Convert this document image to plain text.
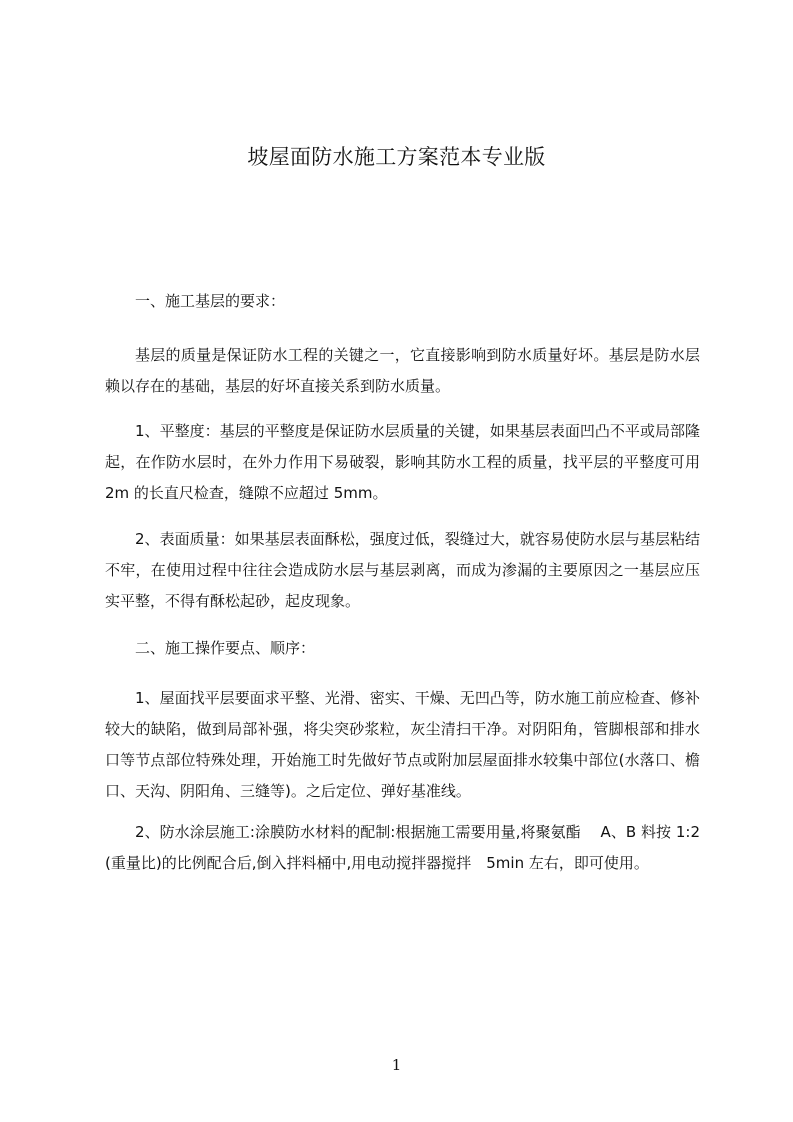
坡屋面防水施工方案范本专业版
一、施工基层的要求：
基层的质量是保证防水工程的关键之一，它直接影响到防水质量好坏。基层是防水层赖以存在的基础，基层的好坏直接关系到防水质量。
1、平整度：基层的平整度是保证防水层质量的关键，如果基层表面凹凸不平或局部隆起，在作防水层时，在外力作用下易破裂，影响其防水工程的质量，找平层的平整度可用 2m 的长直尺检查，缝隙不应超过 5mm。
2、表面质量：如果基层表面酥松，强度过低，裂缝过大，就容易使防水层与基层粘结不牢，在使用过程中往往会造成防水层与基层剥离，而成为渗漏的主要原因之一基层应压实平整，不得有酥松起砂，起皮现象。
二、施工操作要点、顺序：
1、屋面找平层要面求平整、光滑、密实、干燥、无凹凸等，防水施工前应检查、修补较大的缺陷，做到局部补强，将尖突砂浆粒，灰尘清扫干净。对阴阳角，管脚根部和排水口等节点部位特殊处理，开始施工时先做好节点或附加层屋面排水较集中部位(水落口、檐口、天沟、阴阳角、三缝等)。之后定位、弹好基准线。
2、防水涂层施工:涂膜防水材料的配制:根据施工需要用量,将聚氨酯　 A、B 料按 1:2(重量比)的比例配合后,倒入拌料桶中,用电动搅拌器搅拌　5min 左右，即可使用。
1
